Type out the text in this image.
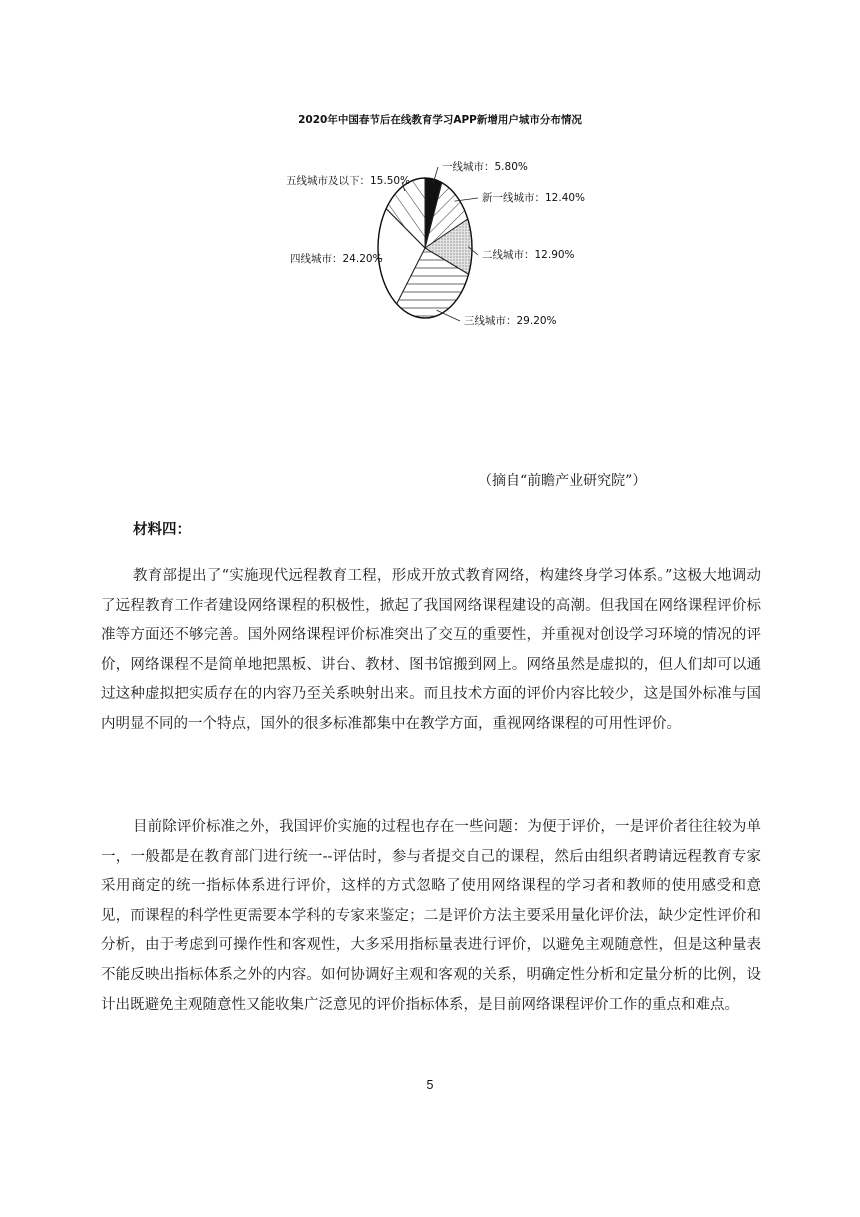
2020年中国春节后在线教育学习APP新增用户城市分布情况
一线城市：5.80%
新一线城市：12.40%
二线城市：12.90%
三线城市：29.20%
四线城市：24.20%
五线城市及以下：15.50%
（摘自“前瞻产业研究院”）
材料四：

教育部提出了“实施现代远程教育工程，形成开放式教育网络，构建终身学习体系。”这极大地调动了远程教育工作者建设网络课程的积极性，掀起了我国网络课程建设的高潮。但我国在网络课程评价标准等方面还不够完善。国外网络课程评价标准突出了交互的重要性，并重视对创设学习环境的情况的评价，网络课程不是简单地把黑板、讲台、教材、图书馆搬到网上。网络虽然是虚拟的，但人们却可以通过这种虚拟把实质存在的内容乃至关系映射出来。而且技术方面的评价内容比较少，这是国外标准与国内明显不同的一个特点，国外的很多标准都集中在教学方面，重视网络课程的可用性评价。

目前除评价标准之外，我国评价实施的过程也存在一些问题：为便于评价，一是评价者往往较为单一，一般都是在教育部门进行统一--评估时，参与者提交自己的课程，然后由组织者聘请远程教育专家采用商定的统一指标体系进行评价，这样的方式忽略了使用网络课程的学习者和教师的使用感受和意见，而课程的科学性更需要本学科的专家来鉴定；二是评价方法主要采用量化评价法，缺少定性评价和分析，由于考虑到可操作性和客观性，大多采用指标量表进行评价，以避免主观随意性，但是这种量表不能反映出指标体系之外的内容。如何协调好主观和客观的关系，明确定性分析和定量分析的比例，设计出既避免主观随意性又能收集广泛意见的评价指标体系，是目前网络课程评价工作的重点和难点。

5
